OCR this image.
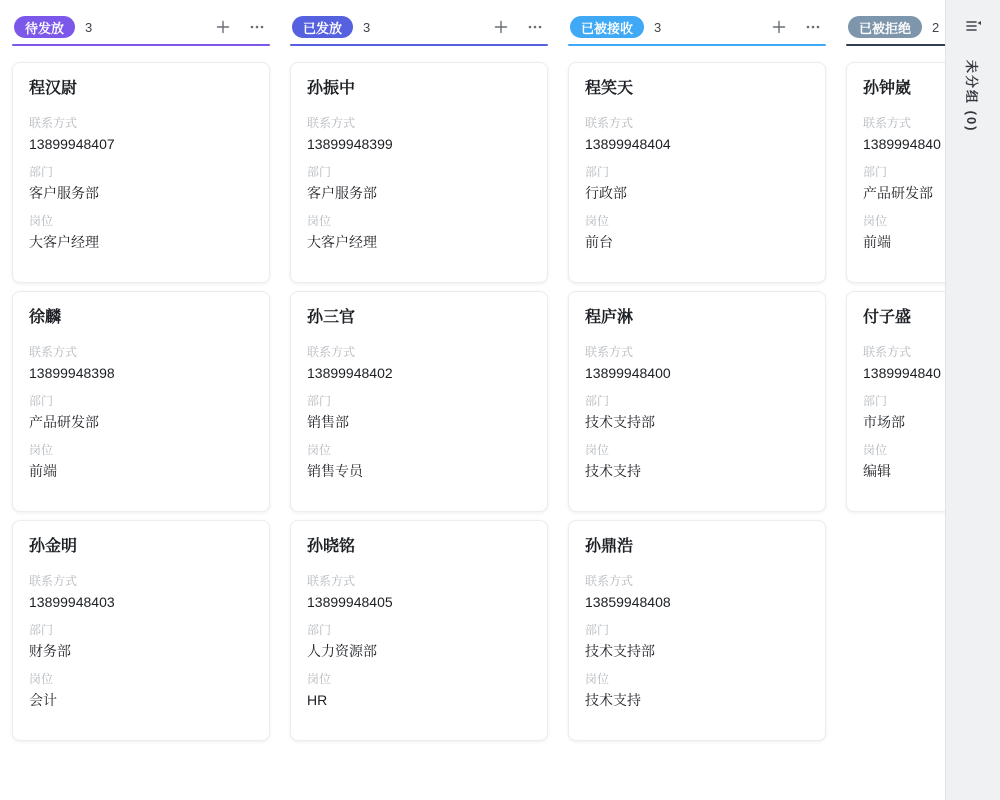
待发放	3
程汉尉
联系方式
13899948407
部门
客户服务部
岗位
大客户经理
徐麟
联系方式
13899948398
部门
产品研发部
岗位
前端
孙金明
联系方式
13899948403
部门
财务部
岗位
会计
已发放	3
孙振中
联系方式
13899948399
部门
客户服务部
岗位
大客户经理
孙三官
联系方式
13899948402
部门
销售部
岗位
销售专员
孙晓铭
联系方式
13899948405
部门
人力资源部
岗位
HR
已被接收	3
程笑天
联系方式
13899948404
部门
行政部
岗位
前台
程庐淋
联系方式
13899948400
部门
技术支持部
岗位
技术支持
孙鼎浩
联系方式
13859948408
部门
技术支持部
岗位
技术支持
已被拒绝	2
孙钟崴
联系方式
1389994840
部门
产品研发部
岗位
前端
付子盛
联系方式
1389994840
部门
市场部
岗位
编辑
未分组 (0)
